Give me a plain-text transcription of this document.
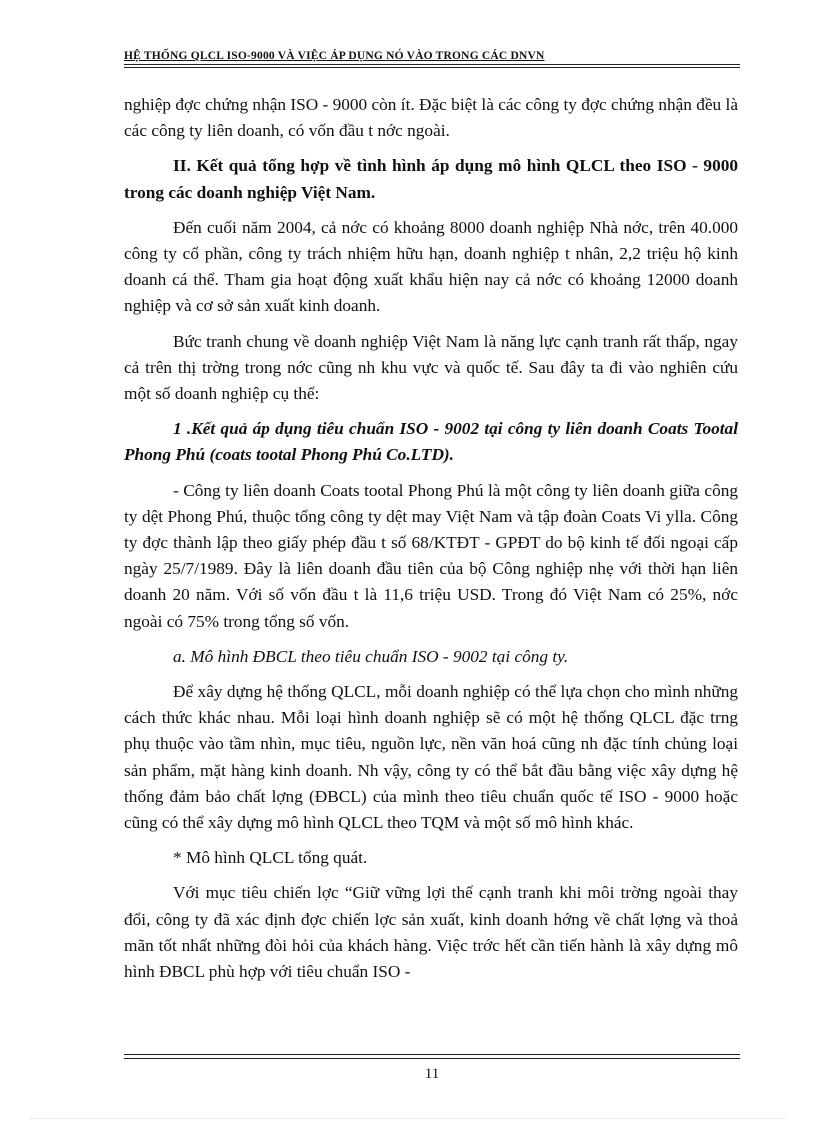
HỆ THỐNG QLCL ISO-9000 VÀ VIỆC ÁP DỤNG NÓ VÀO TRONG CÁC DNVN

nghiệp đợc chứng nhận ISO - 9000 còn ít. Đặc biệt là các công ty đợc chứng nhận đều là các công ty liên doanh, có vốn đầu t nớc ngoài.

II. Kết quả tổng hợp về tình hình áp dụng mô hình QLCL theo ISO - 9000 trong các doanh nghiệp Việt Nam.

Đến cuối năm 2004, cả nớc có khoảng 8000 doanh nghiệp Nhà nớc, trên 40.000 công ty cổ phần, công ty trách nhiệm hữu hạn, doanh nghiệp t nhân, 2,2 triệu hộ kinh doanh cá thể. Tham gia hoạt động xuất khẩu hiện nay cả nớc có khoảng 12000 doanh nghiệp và cơ sở sản xuất kinh doanh.

Bức tranh chung về doanh nghiệp Việt Nam là năng lực cạnh tranh rất thấp, ngay cả trên thị trờng trong nớc cũng nh khu vực và quốc tế. Sau đây ta đi vào nghiên cứu một số doanh nghiệp cụ thể:

1 .Kết quả áp dụng tiêu chuẩn ISO - 9002 tại công ty liên doanh Coats Tootal Phong Phú (coats tootal Phong Phú Co.LTD).

- Công ty liên doanh Coats tootal Phong Phú là một công ty liên doanh giữa công ty dệt Phong Phú, thuộc tổng công ty dệt may Việt Nam và tập đoàn Coats Vi ylla. Công ty đợc thành lập theo giấy phép đầu t số 68/KTĐT - GPĐT do bộ kinh tế đối ngoại cấp ngày 25/7/1989. Đây là liên doanh đầu tiên của bộ Công nghiệp nhẹ với thời hạn liên doanh 20 năm. Với số vốn đầu t là 11,6 triệu USD. Trong đó Việt Nam có 25%, nớc ngoài có 75% trong tổng số vốn.

a. Mô hình ĐBCL theo tiêu chuẩn ISO - 9002 tại công ty.

Để xây dựng hệ thống QLCL, mỗi doanh nghiệp có thể lựa chọn cho mình những cách thức khác nhau. Mỗi loại hình doanh nghiệp sẽ có một hệ thống QLCL đặc trng phụ thuộc vào tầm nhìn, mục tiêu, nguồn lực, nền văn hoá cũng nh đặc tính chủng loại sản phẩm, mặt hàng kinh doanh. Nh vậy, công ty có thể bắt đầu bằng việc xây dựng hệ thống đảm bảo chất lợng (ĐBCL) của mình theo tiêu chuẩn quốc tế ISO - 9000 hoặc cũng có thể xây dựng mô hình QLCL theo TQM và một số mô hình khác.

* Mô hình QLCL tổng quát.

Với mục tiêu chiến lợc “Giữ vững lợi thế cạnh tranh khi môi trờng ngoài thay đổi, công ty đã xác định đợc chiến lợc sản xuất, kinh doanh hớng về chất lợng và thoả mãn tốt nhất những đòi hỏi của khách hàng. Việc trớc hết cần tiến hành là xây dựng mô hình ĐBCL phù hợp với tiêu chuẩn ISO -

11
